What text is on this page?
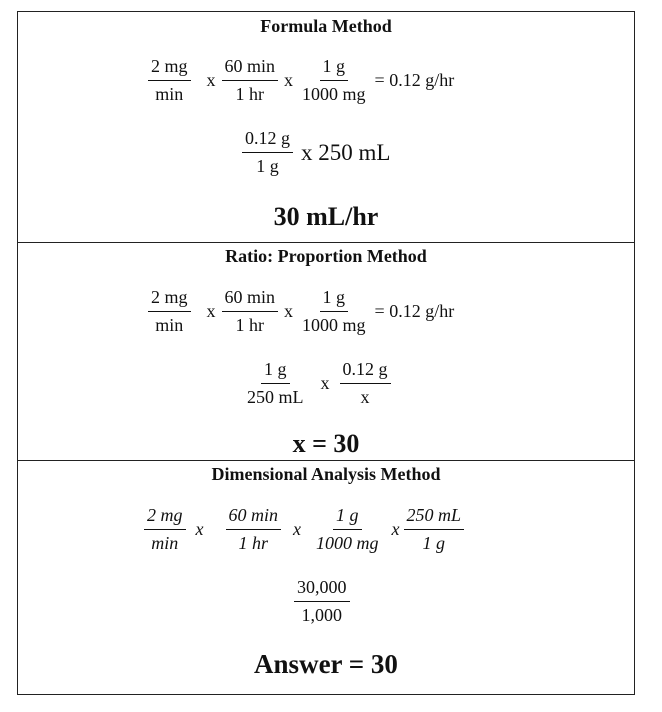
Formula Method
$\frac{2 mg}{\min}$ x $\frac{60 \min}{1 hr}$ x $\frac{1 g}{1000 mg} = 0.12$ g/hr
$\frac{0.12 g}{1 g}$ x 250 mL
30 mL/hr
Ratio: Proportion Method
$\frac{2 mg}{\min}$ x $\frac{60 \min}{1 hr}$ x $\frac{1 g}{1000 mg} = 0.12$ g/hr
$\frac{1 g}{250 mL}$ x $\frac{0.12 g}{x}$
x = 30
Dimensional Analysis Method
$\frac{2 mg}{\min}$ x $\frac{60 \min}{1 hr}$ x $\frac{1 g}{1000 mg}$ x $\frac{250 mL}{1 g}$
$\frac{30,000}{1,000}$
Answer = 30
